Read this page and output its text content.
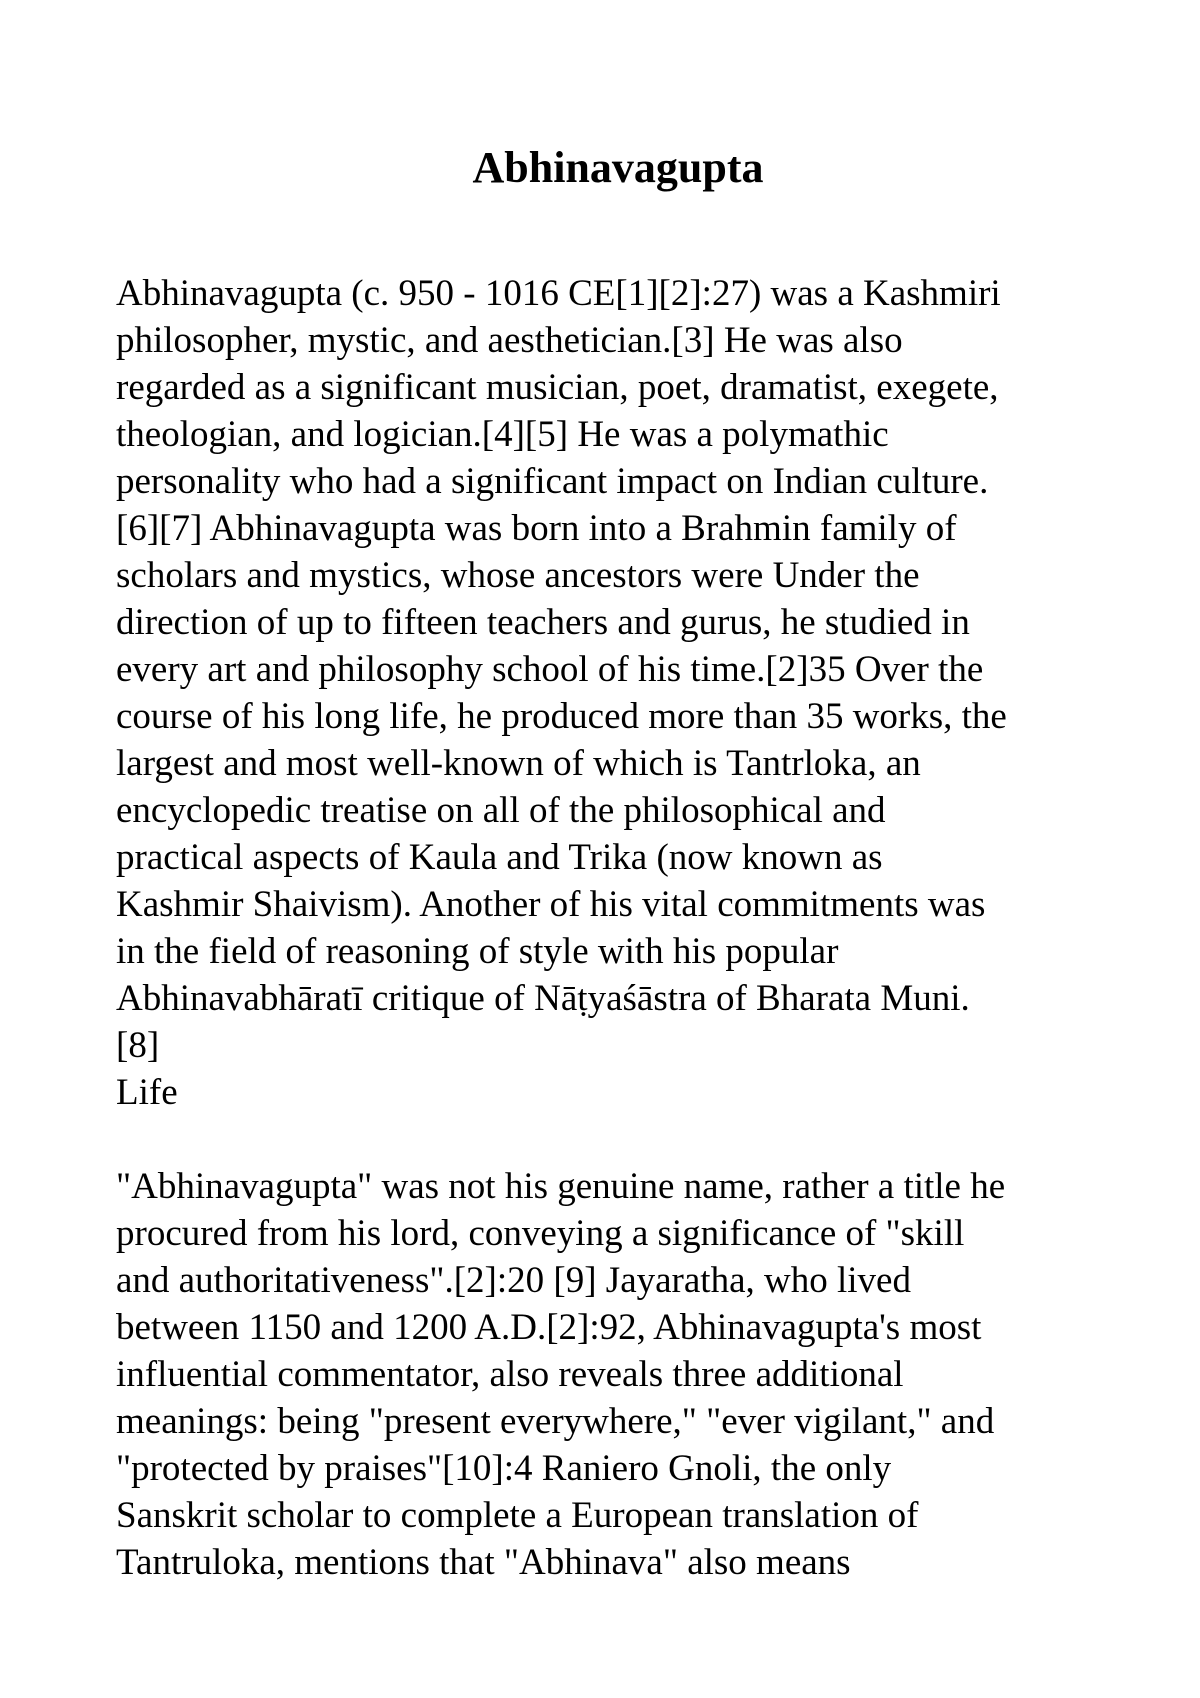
Abhinavagupta
Abhinavagupta (c. 950 - 1016 CE[1][2]:27) was a Kashmiri
philosopher, mystic, and aesthetician.[3] He was also
regarded as a significant musician, poet, dramatist, exegete,
theologian, and logician.[4][5] He was a polymathic
personality who had a significant impact on Indian culture.
[6][7] Abhinavagupta was born into a Brahmin family of
scholars and mystics, whose ancestors were Under the
direction of up to fifteen teachers and gurus, he studied in
every art and philosophy school of his time.[2]35 Over the
course of his long life, he produced more than 35 works, the
largest and most well-known of which is Tantrloka, an
encyclopedic treatise on all of the philosophical and
practical aspects of Kaula and Trika (now known as
Kashmir Shaivism). Another of his vital commitments was
in the field of reasoning of style with his popular
Abhinavabhāratī critique of Nāṭyaśāstra of Bharata Muni.
[8]
Life
"Abhinavagupta" was not his genuine name, rather a title he
procured from his lord, conveying a significance of "skill
and authoritativeness".[2]:20 [9] Jayaratha, who lived
between 1150 and 1200 A.D.[2]:92, Abhinavagupta's most
influential commentator, also reveals three additional
meanings: being "present everywhere," "ever vigilant," and
"protected by praises"[10]:4 Raniero Gnoli, the only
Sanskrit scholar to complete a European translation of
Tantruloka, mentions that "Abhinava" also means
